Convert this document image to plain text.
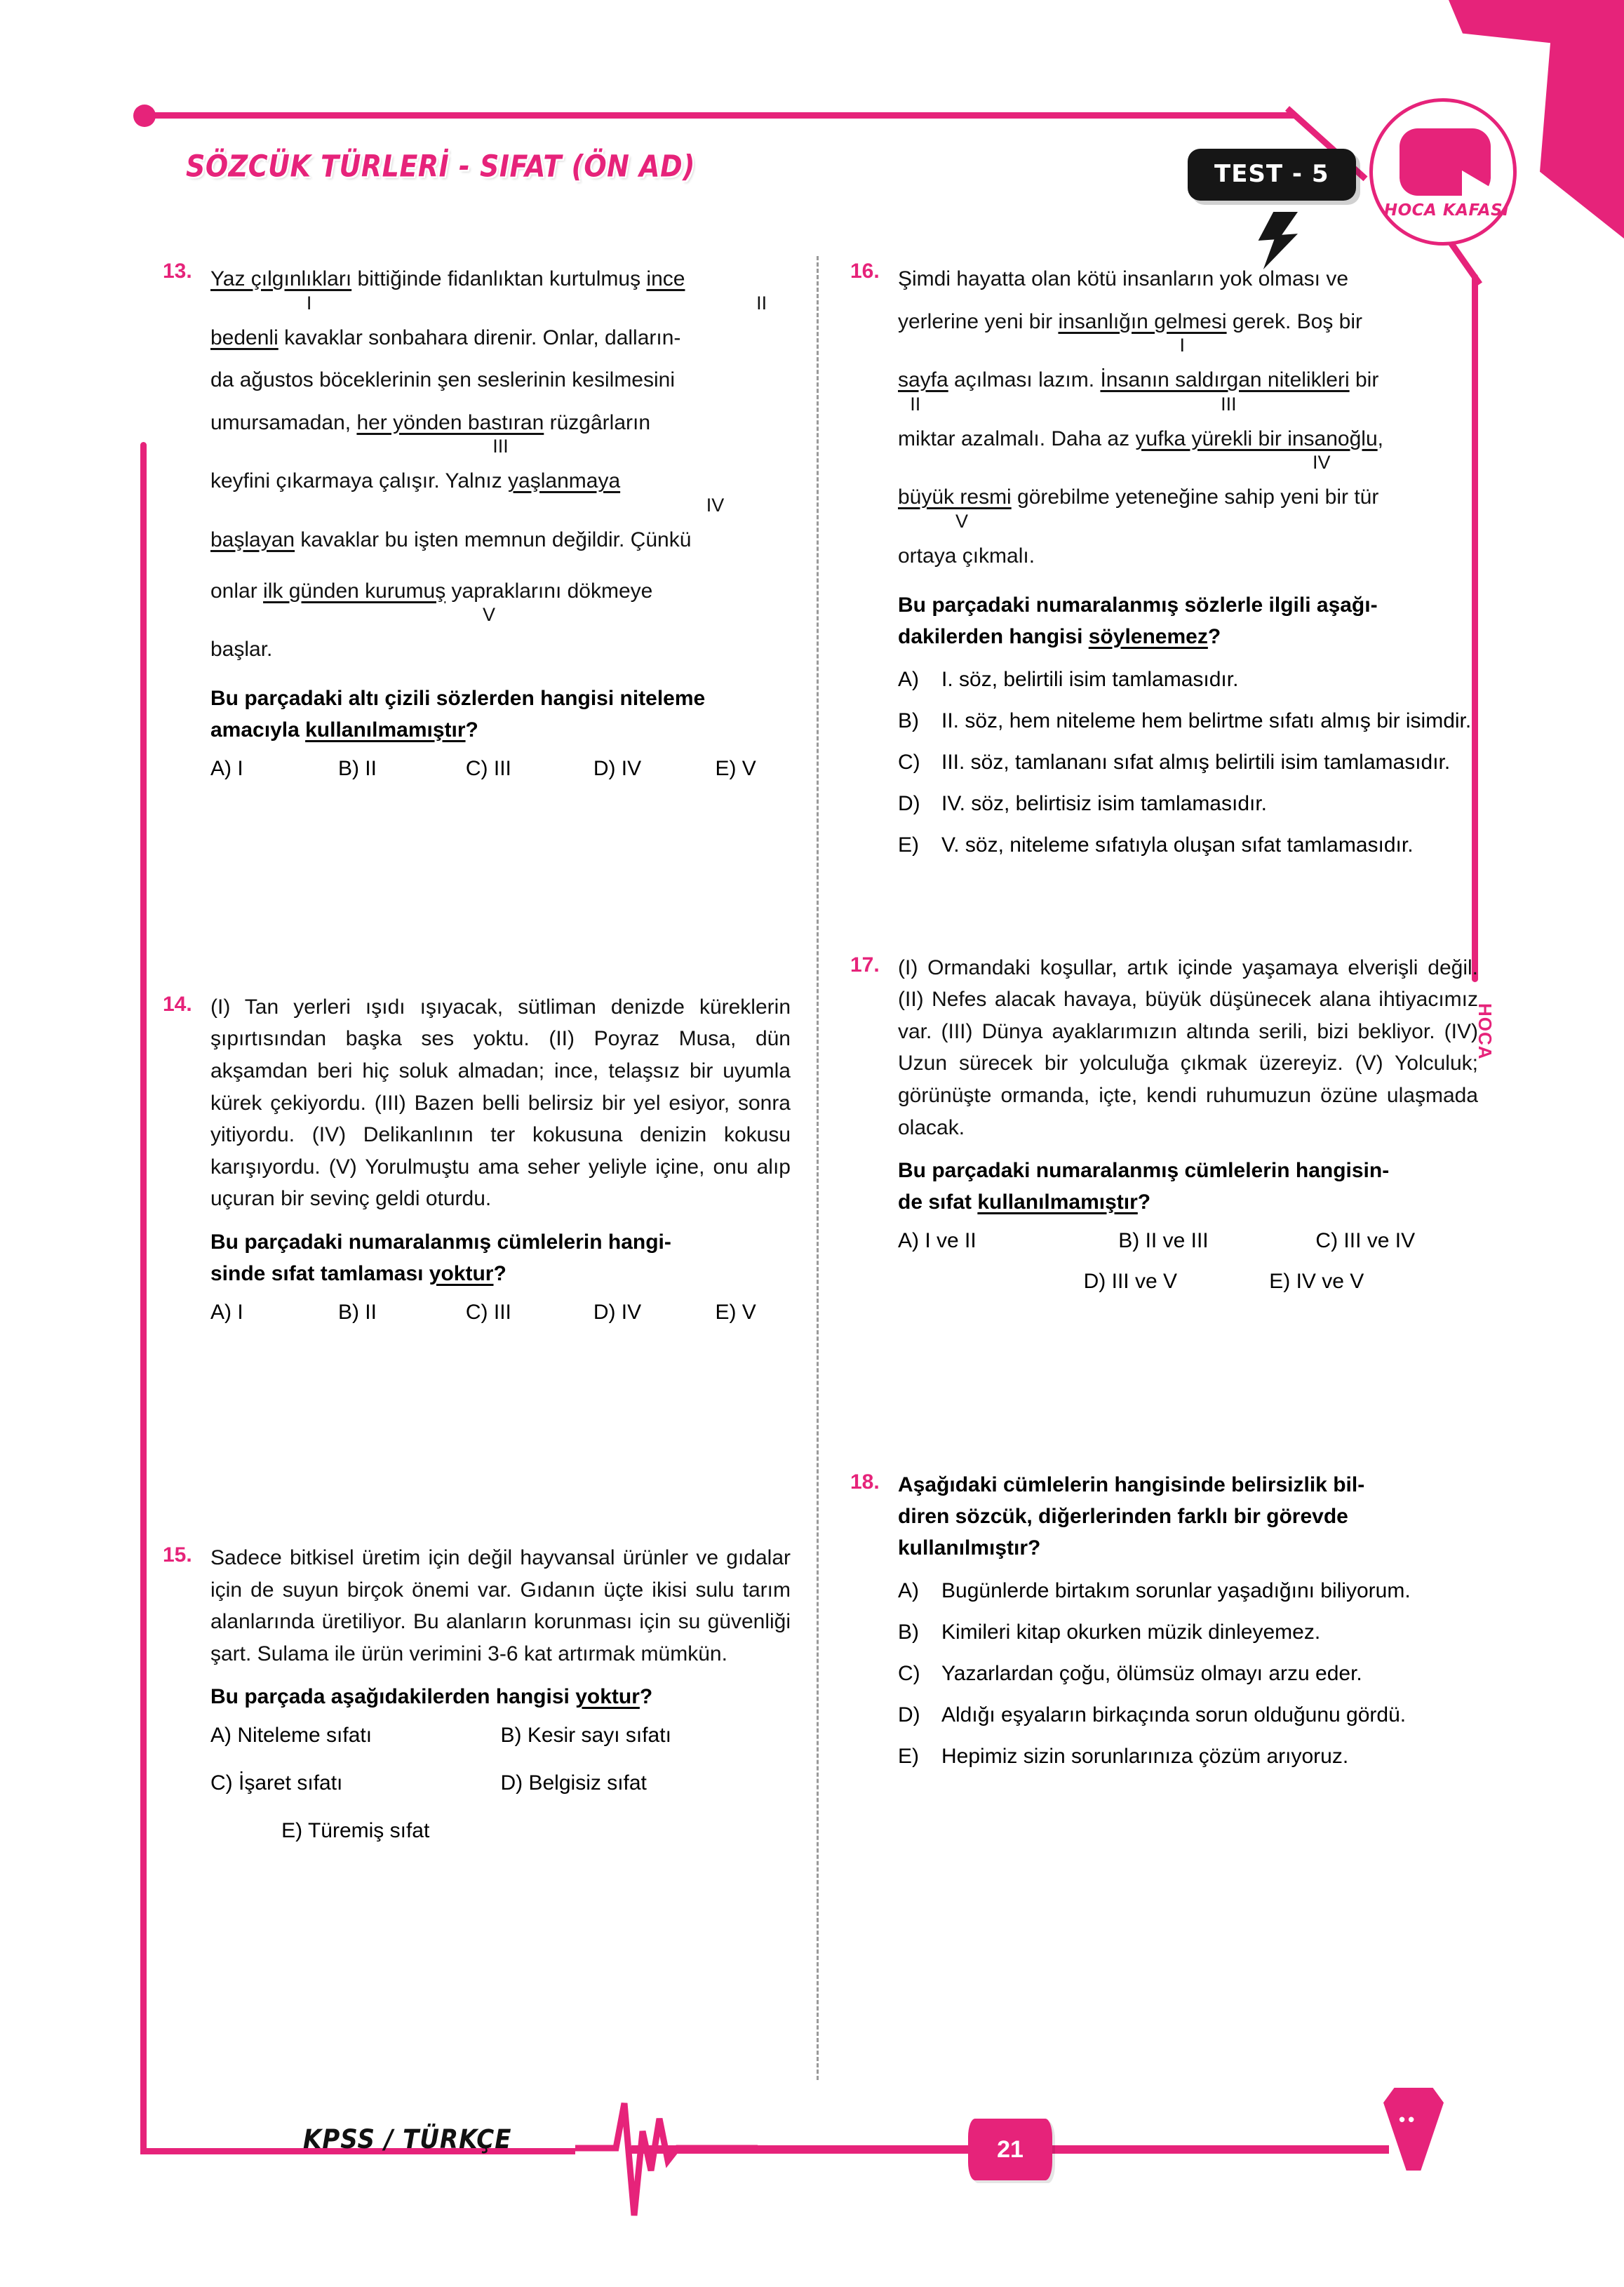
HOCA
SÖZCÜK TÜRLERİ - SIFAT (ÖN AD)	TEST - 5
HOCA KAFASI
13. Yaz çılgınlıkları bittiğinde fidanlıktan kurtulmuş ince
I	II
bedenli kavaklar sonbahara direnir. Onlar, dalların-
da ağustos böceklerinin şen seslerinin kesilmesini
umursamadan, her yönden bastıran rüzgârların
III
keyfini çıkarmaya çalışır. Yalnız yaşlanmaya
IV
başlayan kavaklar bu işten memnun değildir. Çünkü
onlar ilk günden kurumuş yapraklarını dökmeye
V
başlar.
Bu parçadaki altı çizili sözlerden hangisi niteleme
amacıyla kullanılmamıştır?
A) I	B) II	C) III	D) IV	E) V
14. (I) Tan yerleri ışıdı ışıyacak, sütliman denizde küreklerin şıpırtısından başka ses yoktu. (II) Poyraz Musa, dün akşamdan beri hiç soluk almadan; ince, telaşsız bir uyumla kürek çekiyordu. (III) Bazen belli belirsiz bir yel esiyor, sonra yitiyordu. (IV) Delikanlının ter kokusuna denizin kokusu karışıyordu. (V) Yorulmuştu ama seher yeliyle içine, onu alıp uçuran bir sevinç geldi oturdu.
Bu parçadaki numaralanmış cümlelerin hangi-
sinde sıfat tamlaması yoktur?
A) I	B) II	C) III	D) IV	E) V
15. Sadece bitkisel üretim için değil hayvansal ürünler ve gıdalar için de suyun birçok önemi var. Gıdanın üçte ikisi sulu tarım alanlarında üretiliyor. Bu alanların korunması için su güvenliği şart. Sulama ile ürün verimini 3-6 kat artırmak mümkün.
Bu parçada aşağıdakilerden hangisi yoktur?
A) Niteleme sıfatı	B) Kesir sayı sıfatı
C) İşaret sıfatı	D) Belgisiz sıfat
E) Türemiş sıfat
16. Şimdi hayatta olan kötü insanların yok olması ve
yerlerine yeni bir insanlığın gelmesi gerek. Boş bir
I
sayfa açılması lazım. İnsanın saldırgan nitelikleri bir
II	III
miktar azalmalı. Daha az yufka yürekli bir insanoğlu,
IV
büyük resmi görebilme yeteneğine sahip yeni bir tür
V
ortaya çıkmalı.
Bu parçadaki numaralanmış sözlerle ilgili aşağı-
dakilerden hangisi söylenemez?
A)	I. söz, belirtili isim tamlamasıdır.
B)	II. söz, hem niteleme hem belirtme sıfatı almış bir isimdir.
C)	III. söz, tamlananı sıfat almış belirtili isim tamlamasıdır.
D)	IV. söz, belirtisiz isim tamlamasıdır.
E)	V. söz, niteleme sıfatıyla oluşan sıfat tamlamasıdır.
17. (I) Ormandaki koşullar, artık içinde yaşamaya elverişli değil. (II) Nefes alacak havaya, büyük düşünecek alana ihtiyacımız var. (III) Dünya ayaklarımızın altında serili, bizi bekliyor. (IV) Uzun sürecek bir yolculuğa çıkmak üzereyiz. (V) Yolculuk; görünüşte ormanda, içte, kendi ruhumuzun özüne ulaşmada olacak.
Bu parçadaki numaralanmış cümlelerin hangisin-
de sıfat kullanılmamıştır?
A) I ve II	B) II ve III	C) III ve IV
D) III ve V	E) IV ve V
18. Aşağıdaki cümlelerin hangisinde belirsizlik bil-
diren sözcük, diğerlerinden farklı bir görevde
kullanılmıştır?
A)	Bugünlerde birtakım sorunlar yaşadığını biliyorum.
B)	Kimileri kitap okurken müzik dinleyemez.
C)	Yazarlardan çoğu, ölümsüz olmayı arzu eder.
D)	Aldığı eşyaların birkaçında sorun olduğunu gördü.
E)	Hepimiz sizin sorunlarınıza çözüm arıyoruz.
KPSS / TÜRKÇE	21
••
